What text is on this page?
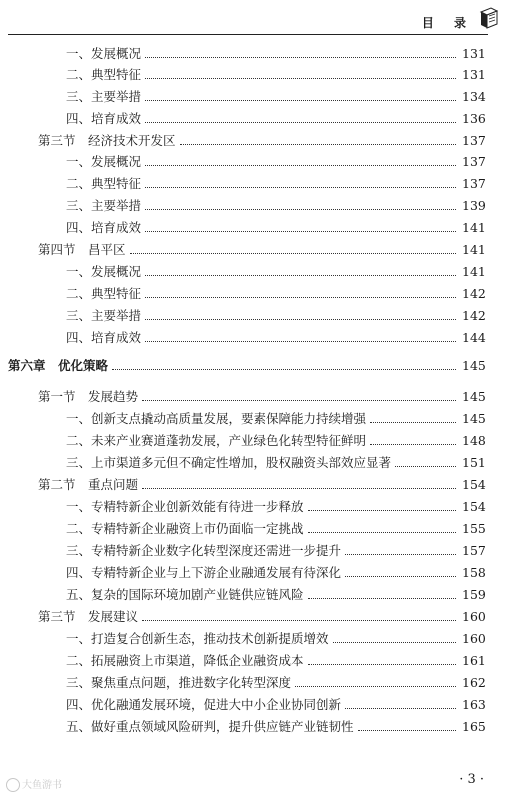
目 录
一、发展概况	131
二、典型特征	131
三、主要举措	134
四、培育成效	136
第三节　经济技术开发区	137
一、发展概况	137
二、典型特征	137
三、主要举措	139
四、培育成效	141
第四节　昌平区	141
一、发展概况	141
二、典型特征	142
三、主要举措	142
四、培育成效	144
第六章　优化策略	145
第一节　发展趋势	145
一、创新支点撬动高质量发展，要素保障能力持续增强	145
二、未来产业赛道蓬勃发展，产业绿色化转型特征鲜明	148
三、上市渠道多元但不确定性增加，股权融资头部效应显著	151
第二节　重点问题	154
一、专精特新企业创新效能有待进一步释放	154
二、专精特新企业融资上市仍面临一定挑战	155
三、专精特新企业数字化转型深度还需进一步提升	157
四、专精特新企业与上下游企业融通发展有待深化	158
五、复杂的国际环境加剧产业链供应链风险	159
第三节　发展建议	160
一、打造复合创新生态，推动技术创新提质增效	160
二、拓展融资上市渠道，降低企业融资成本	161
三、聚焦重点问题，推进数字化转型深度	162
四、优化融通发展环境，促进大中小企业协同创新	163
五、做好重点领域风险研判，提升供应链产业链韧性	165
· 3 ·
大鱼游书
